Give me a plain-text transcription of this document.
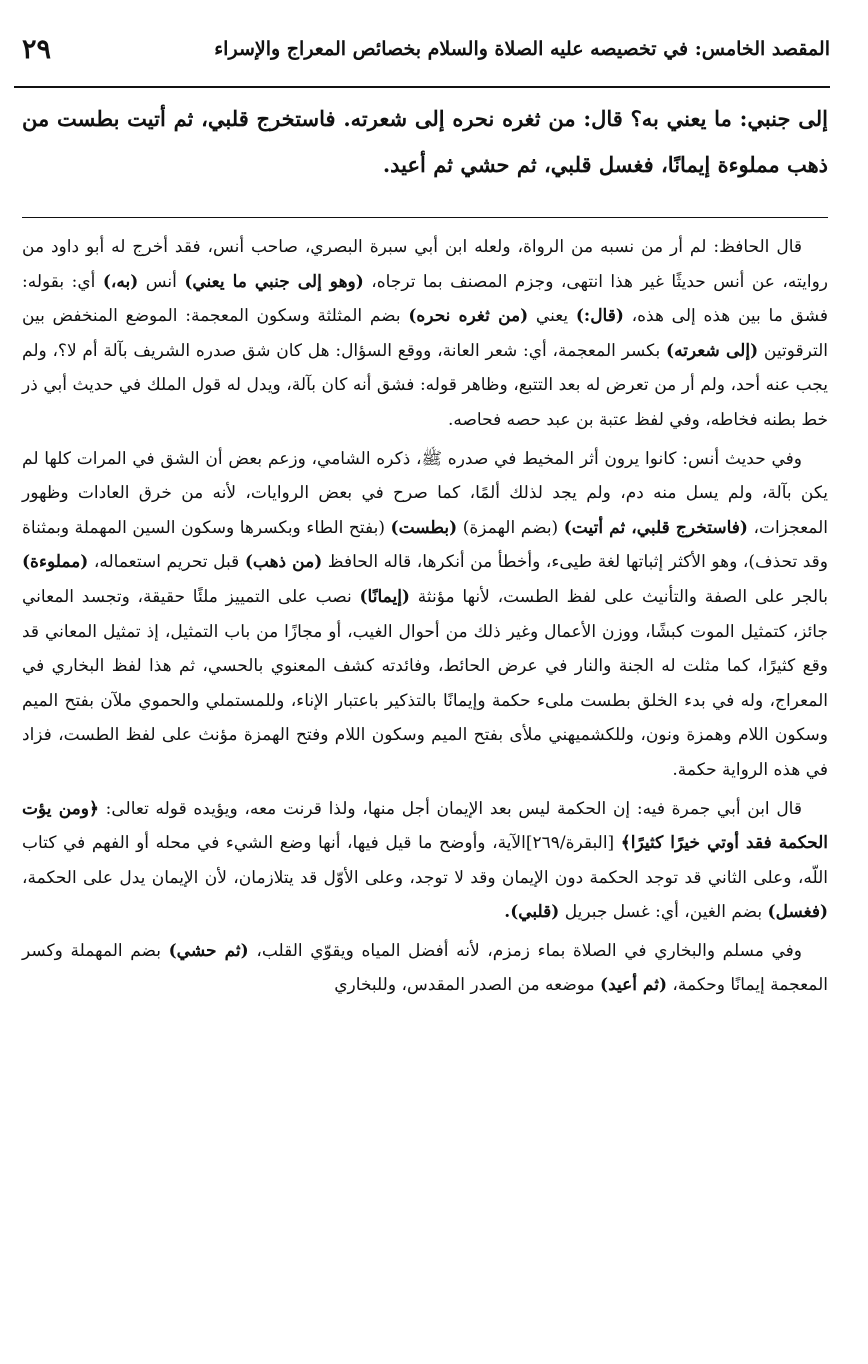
المقصد الخامس: في تخصيصه عليه الصلاة والسلام بخصائص المعراج والإسراء
٢٩

إلى جنبي: ما يعني به؟ قال: من ثغره نحره إلى شعرته. فاستخرج قلبي، ثم أتيت بطست من ذهب مملوءة إيمانًا، فغسل قلبي، ثم حشي ثم أعيد.

قال الحافظ: لم أر من نسبه من الرواة، ولعله ابن أبي سبرة البصري، صاحب أنس، فقد أخرج له أبو داود من روايته، عن أنس حديثًا غير هذا انتهى، وجزم المصنف بما ترجاه، (وهو إلى جنبي ما يعني) أنس (به،) أي: بقوله: فشق ما بين هذه إلى هذه، (قال:) يعني (من ثغره نحره) بضم المثلثة وسكون المعجمة: الموضع المنخفض بين الترقوتين (إلى شعرته) بكسر المعجمة، أي: شعر العانة، ووقع السؤال: هل كان شق صدره الشريف بآلة أم لا؟، ولم يجب عنه أحد، ولم أر من تعرض له بعد التتبع، وظاهر قوله: فشق أنه كان بآلة، ويدل له قول الملك في حديث أبي ذر خط بطنه فخاطه، وفي لفظ عتبة بن عبد حصه فحاصه.

وفي حديث أنس: كانوا يرون أثر المخيط في صدره ﷺ، ذكره الشامي، وزعم بعض أن الشق في المرات كلها لم يكن بآلة، ولم يسل منه دم، ولم يجد لذلك ألمًا، كما صرح في بعض الروايات، لأنه من خرق العادات وظهور المعجزات، (فاستخرج قلبي، ثم أتيت) (بضم الهمزة) (بطست) (بفتح الطاء وبكسرها وسكون السين المهملة وبمثناة وقد تحذف)، وهو الأكثر إثباتها لغة طيىء، وأخطأ من أنكرها، قاله الحافظ (من ذهب) قبل تحريم استعماله، (مملوءة) بالجر على الصفة والتأنيث على لفظ الطست، لأنها مؤنثة (إيمانًا) نصب على التمييز ملئًا حقيقة، وتجسد المعاني جائز، كتمثيل الموت كبشًا، ووزن الأعمال وغير ذلك من أحوال الغيب، أو مجازًا من باب التمثيل، إذ تمثيل المعاني قد وقع كثيرًا، كما مثلت له الجنة والنار في عرض الحائط، وفائدته كشف المعنوي بالحسي، ثم هذا لفظ البخاري في المعراج، وله في بدء الخلق بطست ملىء حكمة وإيمانًا بالتذكير باعتبار الإناء، وللمستملي والحموي ملآن بفتح الميم وسكون اللام وهمزة ونون، وللكشميهني ملأى بفتح الميم وسكون اللام وفتح الهمزة مؤنث على لفظ الطست، فزاد في هذه الرواية حكمة.

قال ابن أبي جمرة فيه: إن الحكمة ليس بعد الإيمان أجل منها، ولذا قرنت معه، ويؤيده قوله تعالى: ﴿ومن يؤت الحكمة فقد أوتي خيرًا كثيرًا﴾ [البقرة/٢٦٩]الآية، وأوضح ما قيل فيها، أنها وضع الشيء في محله أو الفهم في كتاب اللّه، وعلى الثاني قد توجد الحكمة دون الإيمان وقد لا توجد، وعلى الأوّل قد يتلازمان، لأن الإيمان يدل على الحكمة، (فغسل) بضم الغين، أي: غسل جبريل (قلبي).

وفي مسلم والبخاري في الصلاة بماء زمزم، لأنه أفضل المياه ويقوّي القلب، (ثم حشي) بضم المهملة وكسر المعجمة إيمانًا وحكمة، (ثم أعيد) موضعه من الصدر المقدس، وللبخاري
